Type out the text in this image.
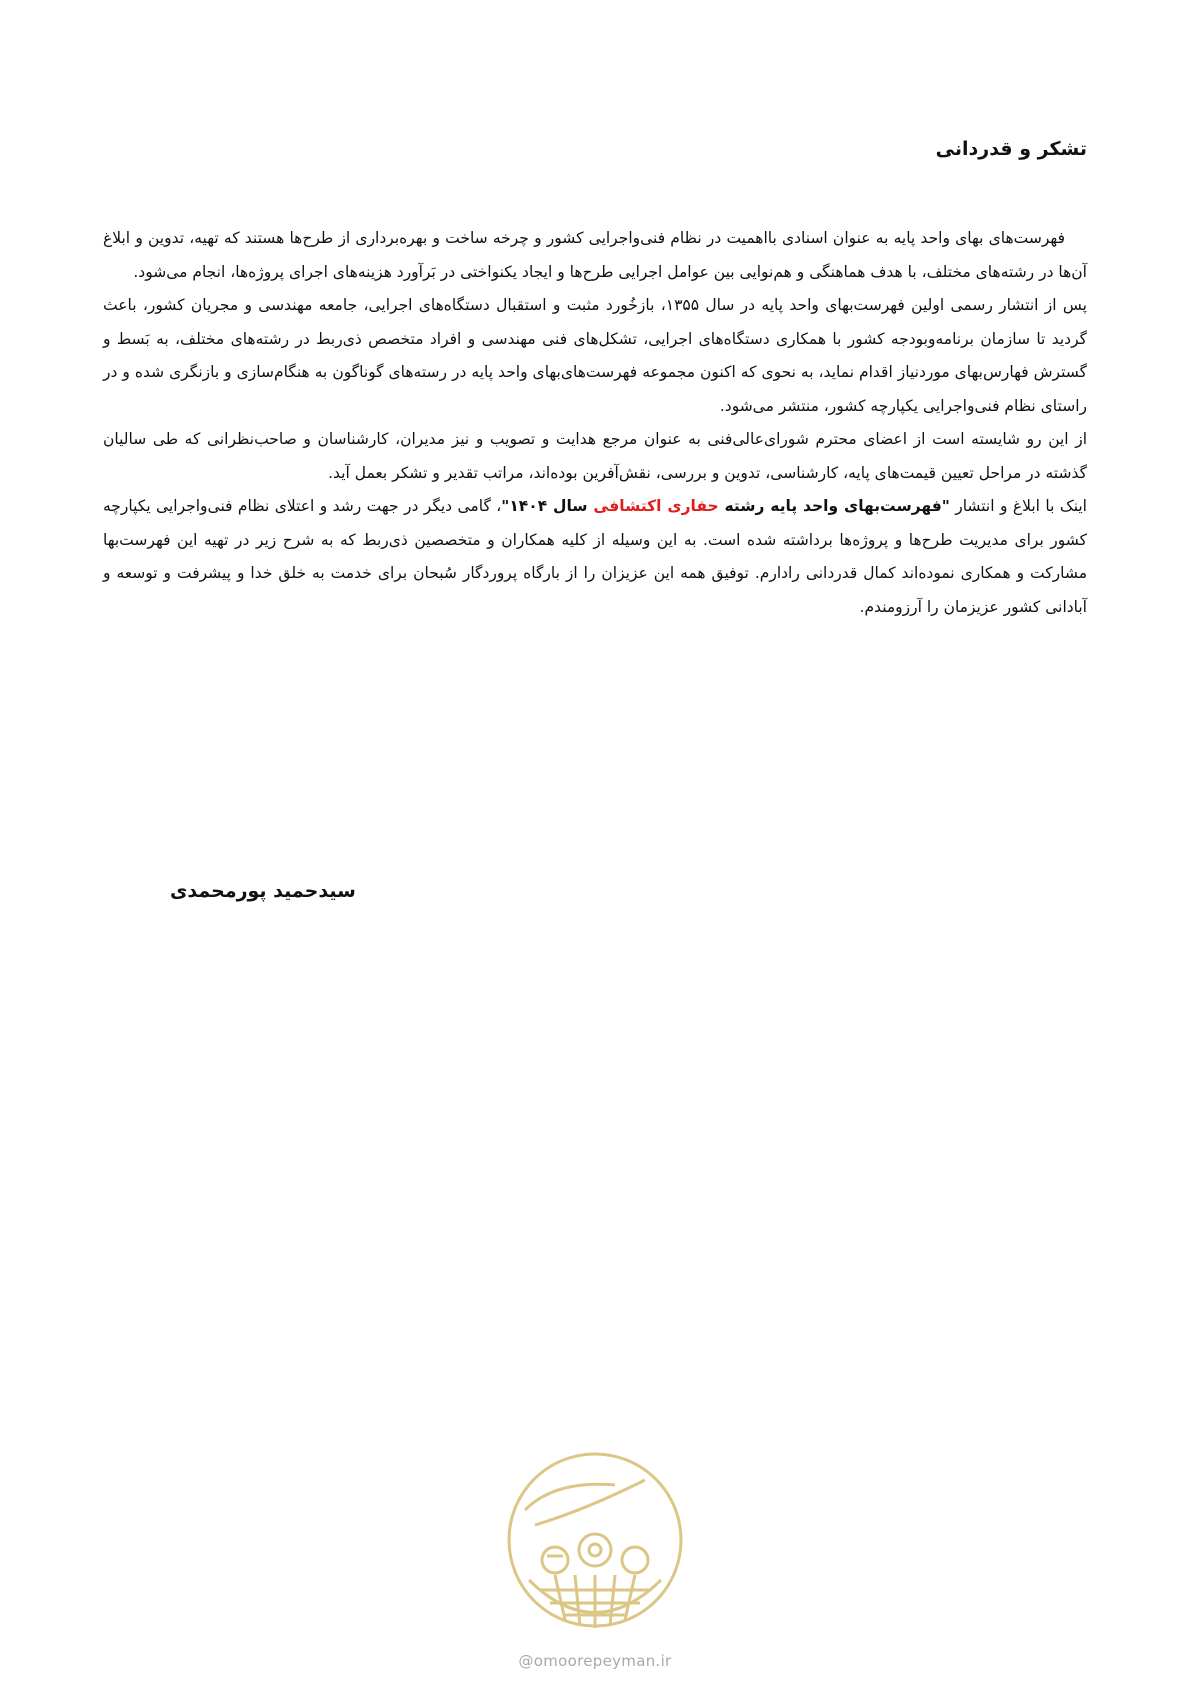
تشکر و قدردانی

فهرست‌های بهای واحد پایه به عنوان اسنادی بااهمیت در نظام فنی‌واجرایی کشور و چرخه ساخت و بهره‌برداری از طرح‌ها هستند که تهیه، تدوین و ابلاغ آن‌ها در رشته‌های مختلف، با هدف هماهنگی و هم‌نوایی بین عوامل اجرایی طرح‌ها و ایجاد یکنواختی در بَرآورد هزینه‌های اجرای پروژه‌ها، انجام می‌شود.

پس از انتشار رسمی اولین فهرست‌بهای واحد پایه در سال ۱۳۵۵، بازخُورد مثبت و استقبال دستگاه‌های اجرایی، جامعه مهندسی و مجریان کشور، باعث گردید تا سازمان برنامه‌وبودجه کشور با همکاری دستگاه‌های اجرایی، تشکل‌های فنی مهندسی و افراد متخصص ذی‌ربط در رشته‌های مختلف، به بَسط و گسترش فهارس‌بهای موردنیاز اقدام نماید، به نحوی که اکنون مجموعه فهرست‌های‌بهای واحد پایه در رسته‌های گوناگون به هنگام‌سازی و بازنگری شده و در راستای نظام فنی‌واجرایی یکپارچه کشور، منتشر می‌شود.

از این رو شایسته است از اعضای محترم شورای‌عالی‌فنی به عنوان مرجع هدایت و تصویب و نیز مدیران، کارشناسان و صاحب‌نظرانی که طی سالیان گذشته در مراحل تعیین قیمت‌های پایه، کارشناسی، تدوین و بررسی، نقش‌آفرین بوده‌اند، مراتب تقدیر و تشکر بعمل آید.

اینک با ابلاغ و انتشار "فهرست‌بهای واحد پایه رشته حفاری اکتشافی سال ۱۴۰۴"، گامی دیگر در جهت رشد و اعتلای نظام فنی‌واجرایی یکپارچه کشور برای مدیریت طرح‌ها و پروژه‌ها برداشته شده است. به این وسیله از کلیه همکاران و متخصصین ذی‌ربط که به شرح زیر در تهیه این فهرست‌بها مشارکت و همکاری نموده‌اند کمال قدردانی رادارم. توفیق همه این عزیزان را از بارگاه پروردگار سُبحان برای خدمت به خلق خدا و پیشرفت و توسعه و آبادانی کشور عزیزمان را آرزومندم.

سیدحمید پورمحمدی
@omoorepeyman.ir
